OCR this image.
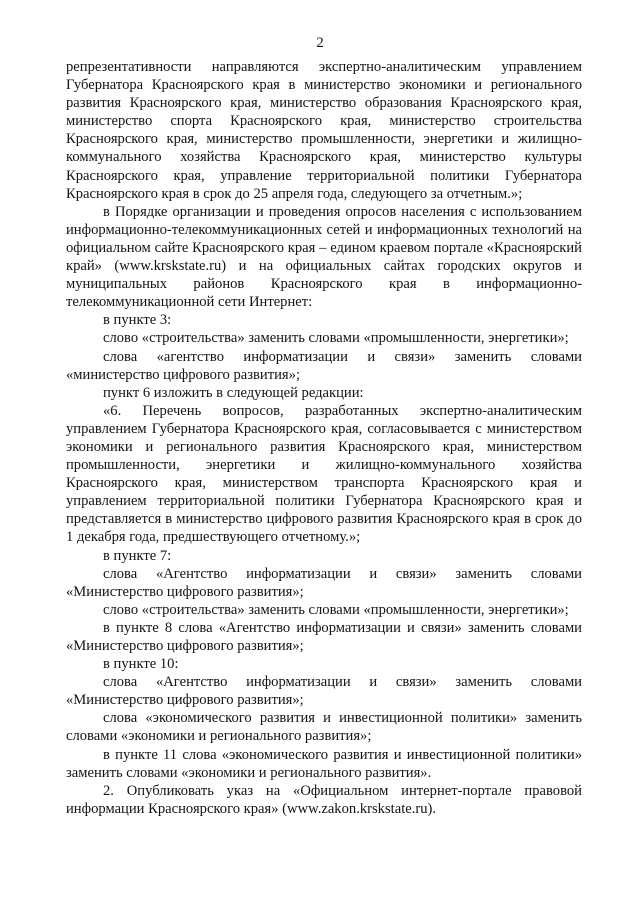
2

репрезентативности направляются экспертно-аналитическим управлением Губернатора Красноярского края в министерство экономики и регионального развития Красноярского края, министерство образования Красноярского края, министерство спорта Красноярского края, министерство строительства Красноярского края, министерство промышленности, энергетики и жилищно-коммунального хозяйства Красноярского края, министерство культуры Красноярского края, управление территориальной политики Губернатора Красноярского края в срок до 25 апреля года, следующего за отчетным.»;

в Порядке организации и проведения опросов населения с использованием информационно-телекоммуникационных сетей и информационных технологий на официальном сайте Красноярского края – едином краевом портале «Красноярский край» (www.krskstate.ru) и на официальных сайтах городских округов и муниципальных районов Красноярского края в информационно-телекоммуникационной сети Интернет:

в пункте 3:

слово «строительства» заменить словами «промышленности, энергетики»;

слова «агентство информатизации и связи» заменить словами «министерство цифрового развития»;

пункт 6 изложить в следующей редакции:

«6. Перечень вопросов, разработанных экспертно-аналитическим управлением Губернатора Красноярского края, согласовывается с министерством экономики и регионального развития Красноярского края, министерством промышленности, энергетики и жилищно-коммунального хозяйства Красноярского края, министерством транспорта Красноярского края и управлением территориальной политики Губернатора Красноярского края и представляется в министерство цифрового развития Красноярского края в срок до 1 декабря года, предшествующего отчетному.»;

в пункте 7:

слова «Агентство информатизации и связи» заменить словами «Министерство цифрового развития»;

слово «строительства» заменить словами «промышленности, энергетики»;

в пункте 8 слова «Агентство информатизации и связи» заменить словами «Министерство цифрового развития»;

в пункте 10:

слова «Агентство информатизации и связи» заменить словами «Министерство цифрового развития»;

слова «экономического развития и инвестиционной политики» заменить словами «экономики и регионального развития»;

в пункте 11 слова «экономического развития и инвестиционной политики» заменить словами «экономики и регионального развития».

2. Опубликовать указ на «Официальном интернет-портале правовой информации Красноярского края» (www.zakon.krskstate.ru).
